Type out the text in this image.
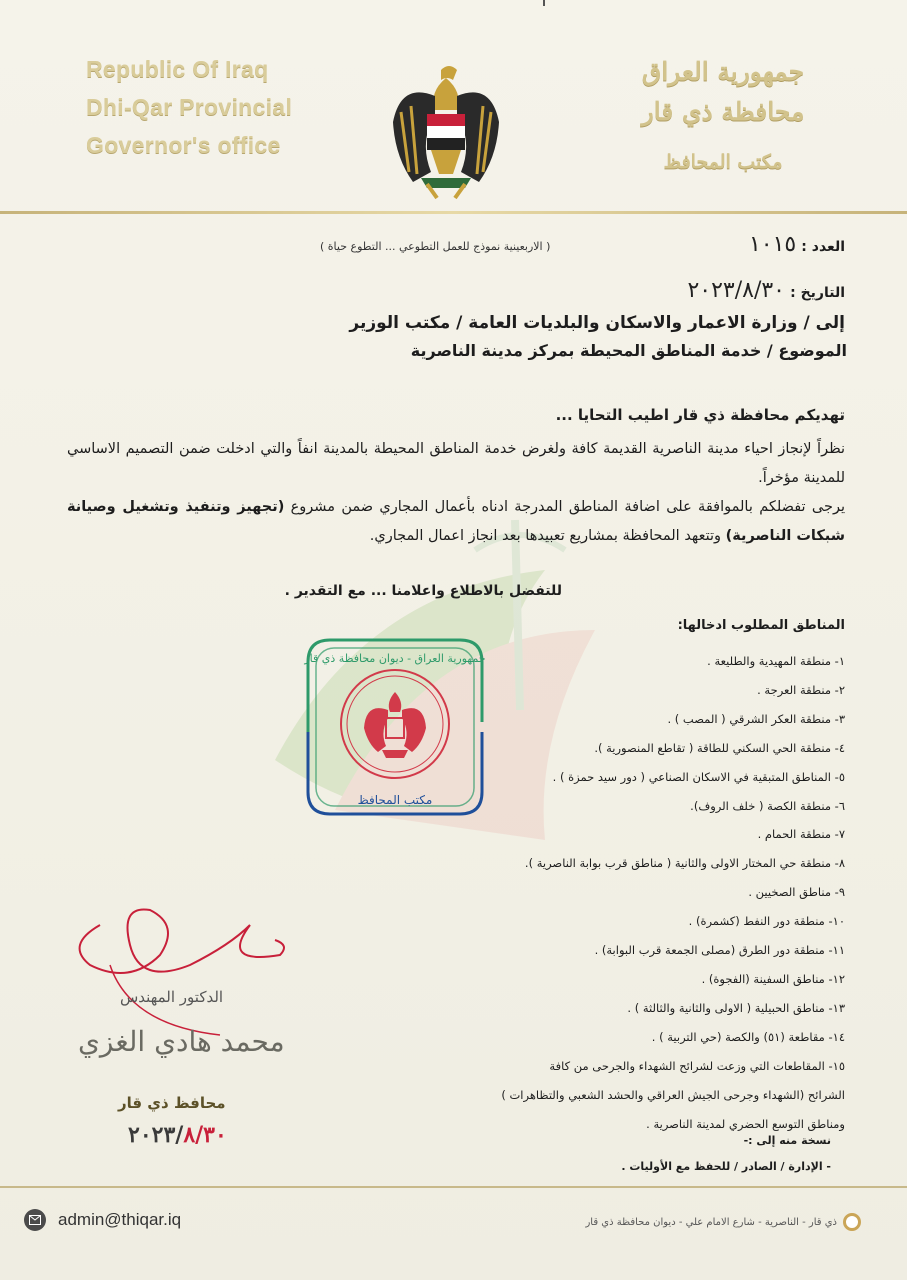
Republic Of Iraq
Dhi-Qar Provincial
Governor's office
جمهورية العراق
محافظة ذي قار
مكتب المحافظ
( الاربعينية نموذج للعمل التطوعي ... التطوع حياة )	العدد : ١٠١٥
التاريخ : ٢٠٢٣/٨/٣٠
إلى / وزارة الاعمار والاسكان والبلديات العامة / مكتب الوزير
الموضوع / خدمة المناطق المحيطة بمركز مدينة الناصرية
تهديكم محافظة ذي قار اطيب التحايا ...
نظراً لإنجاز احياء مدينة الناصرية القديمة كافة ولغرض خدمة المناطق المحيطة بالمدينة انفاً والتي ادخلت ضمن التصميم الاساسي للمدينة مؤخراً.
يرجى تفضلكم بالموافقة على اضافة المناطق المدرجة ادناه بأعمال المجاري ضمن مشروع (تجهيز وتنفيذ وتشغيل وصيانة شبكات الناصرية) وتتعهد المحافظة بمشاريع تعبيدها بعد انجاز اعمال المجاري.
للتفضل بالاطلاع واعلامنا ... مع التقدير .
المناطق المطلوب ادخالها:
جمهورية العراق - ديوان محافظة ذي قار
مكتب المحافظ
١- منطقة المهيدية والطليعة .
٢- منطقة العرجة .
٣- منطقة العكر الشرقي ( المصب ) .
٤- منطقة الحي السكني للطاقة ( تقاطع المنصورية ).
٥- المناطق المتبقية في الاسكان الصناعي ( دور سيد حمزة ) .
٦- منطقة الكصة ( خلف الروف).
٧- منطقة الحمام .
٨- منطقة حي المختار الاولى والثانية ( مناطق قرب بوابة الناصرية ).
٩- مناطق الصخيين .
١٠- منطقة دور النفط (كشمرة) .
١١- منطقة دور الطرق (مصلى الجمعة قرب البوابة) .
١٢- مناطق السفينة (الفجوة) .
١٣- مناطق الحبيلية ( الاولى والثانية والثالثة ) .
١٤- مقاطعة (٥١) والكصة (حي التربية ) .
١٥- المقاطعات التي وزعت لشرائح الشهداء والجرحى من كافة
الشرائح (الشهداء وجرحى الجيش العراقي والحشد الشعبي والتظاهرات )
ومناطق التوسع الحضري لمدينة الناصرية .
الدكتور المهندس
محمد هادي الغزي
محافظ ذي قار
٢٠٢٣/٨/٣٠	نسخة منه إلى :-
- الإدارة / الصادر / للحفظ مع الأوليات .
admin@thiqar.iq	ذي قار - الناصرية - شارع الامام علي - ديوان محافظة ذي قار
